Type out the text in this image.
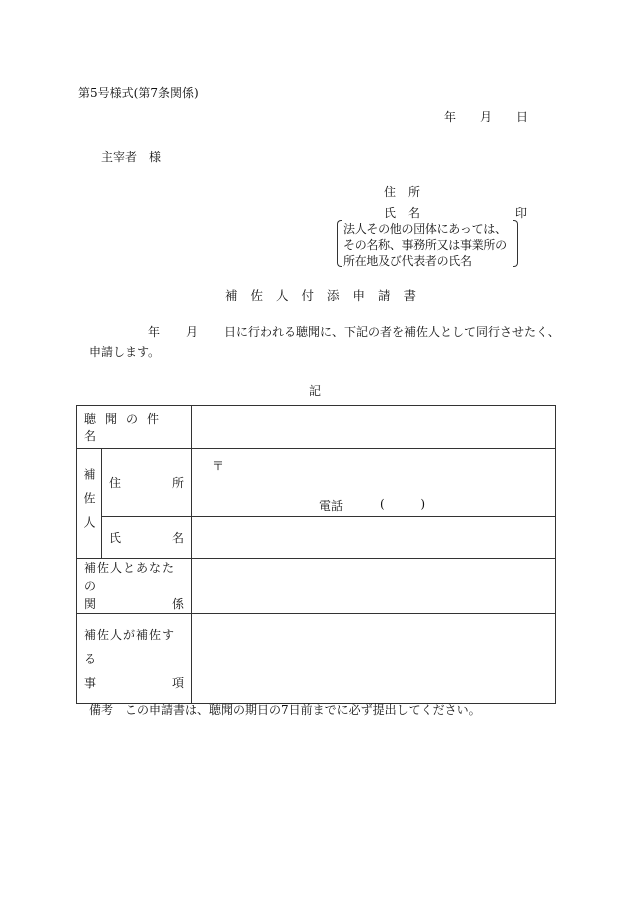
第5号様式(第7条関係)
年 月 日
主宰者　様
住所
氏名	印
法人その他の団体にあっては、その名称、事務所又は事業所の所在地及び代表者の氏名
補佐人付添申請書
年 月 日に行われる聴聞に、下記の者を補佐人として同行させたく、
申請します。
記
聴聞の件名		

補佐人	住 所	〒
電話 ( )

	氏 名	

補佐人とあなたの
関 係		

補佐人が補佐する
事 項		

備考　この申請書は、聴聞の期日の7日前までに必ず提出してください。
